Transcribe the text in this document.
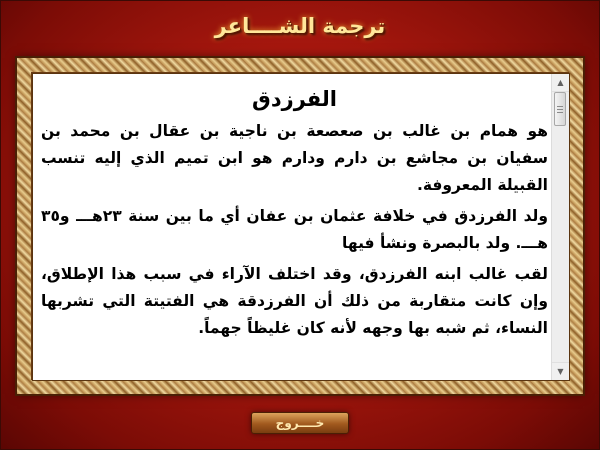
ترجمة الشــــاعر
الفرزدق

هو همام بن غالب بن صعصعة بن ناجية بن عقال بن محمد بن سفيان بن مجاشع بن دارم ودارم هو ابن تميم الذي إليه تنسب القبيلة المعروفة.

ولد الفرزدق في خلافة عثمان بن عفان أي ما بين سنة ٢٣هـــ و٣٥ هـــ. ولد بالبصرة ونشأ فيها

لقب غالب ابنه الفرزدق، وقد اختلف الآراء في سبب هذا الإطلاق، وإن كانت متقاربة من ذلك أن الفرزدقة هي الفتيتة التي تشربها النساء، ثم شبه بها وجهه لأنه كان غليظاً جهماً.

▲
▼
خــــروج
